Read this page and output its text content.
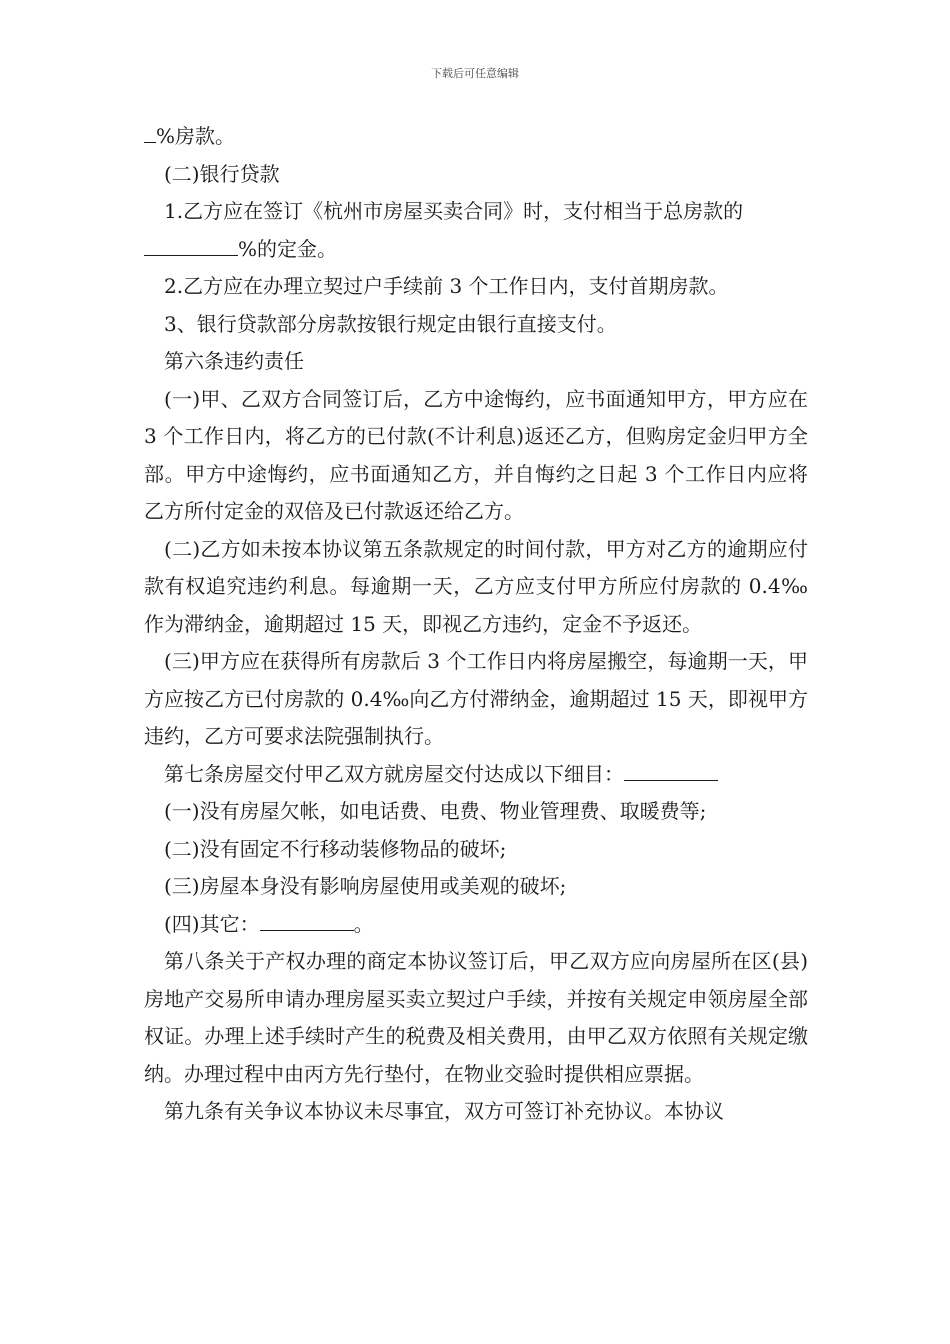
下载后可任意编辑

%房款。

(二)银行贷款

1.乙方应在签订《杭州市房屋买卖合同》时，支付相当于总房款的

%的定金。

2.乙方应在办理立契过户手续前 3 个工作日内，支付首期房款。

3、银行贷款部分房款按银行规定由银行直接支付。

第六条违约责任

(一)甲、乙双方合同签订后，乙方中途悔约，应书面通知甲方，甲方应在 3 个工作日内，将乙方的已付款(不计利息)返还乙方，但购房定金归甲方全部。甲方中途悔约，应书面通知乙方，并自悔约之日起 3 个工作日内应将乙方所付定金的双倍及已付款返还给乙方。

(二)乙方如未按本协议第五条款规定的时间付款，甲方对乙方的逾期应付款有权追究违约利息。每逾期一天，乙方应支付甲方所应付房款的 0.4‰作为滞纳金，逾期超过 15 天，即视乙方违约，定金不予返还。

(三)甲方应在获得所有房款后 3 个工作日内将房屋搬空，每逾期一天，甲方应按乙方已付房款的 0.4‰向乙方付滞纳金，逾期超过 15 天，即视甲方违约，乙方可要求法院强制执行。

第七条房屋交付甲乙双方就房屋交付达成以下细目：

(一)没有房屋欠帐，如电话费、电费、物业管理费、取暖费等;

(二)没有固定不行移动装修物品的破坏;

(三)房屋本身没有影响房屋使用或美观的破坏;

(四)其它：	。

第八条关于产权办理的商定本协议签订后，甲乙双方应向房屋所在区(县)房地产交易所申请办理房屋买卖立契过户手续，并按有关规定申领房屋全部权证。办理上述手续时产生的税费及相关费用，由甲乙双方依照有关规定缴纳。办理过程中由丙方先行垫付，在物业交验时提供相应票据。

第九条有关争议本协议未尽事宜，双方可签订补充协议。本协议
